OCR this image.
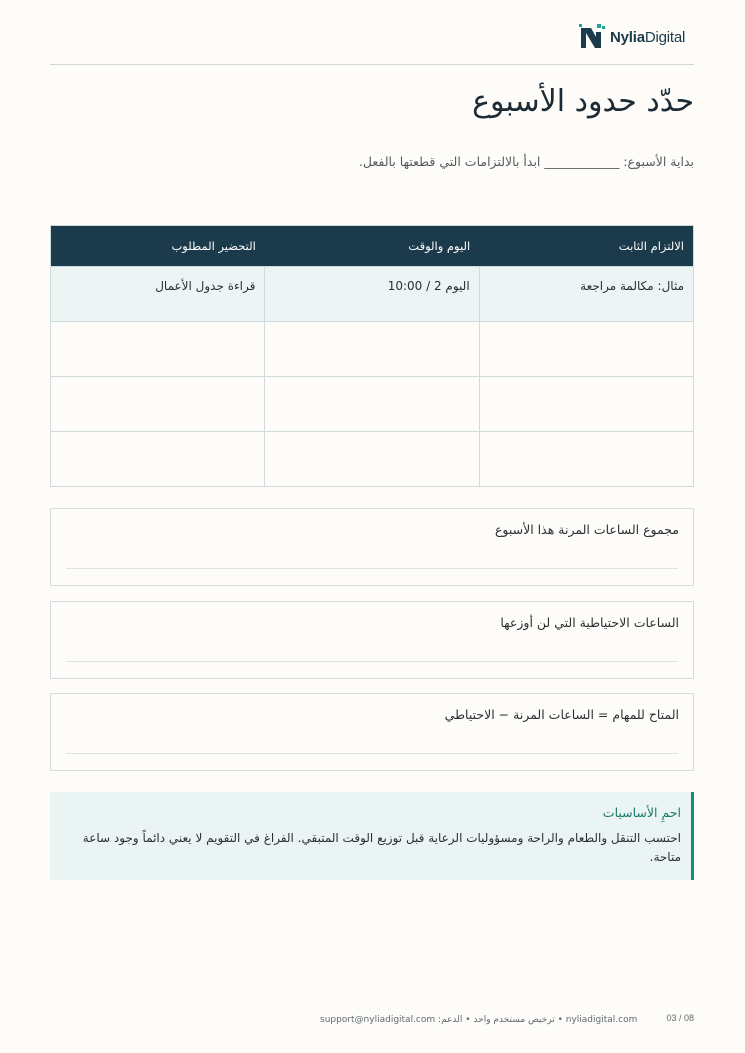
NyliaDigital
حدّد حدود الأسبوع

بداية الأسبوع: ____________ ابدأ بالالتزامات التي قطعتها بالفعل.

الالتزام الثابت	اليوم والوقت	التحضير المطلوب
مثال: مكالمة مراجعة	اليوم 2 / 10:00	قراءة جدول الأعمال

مجموع الساعات المرنة هذا الأسبوع
الساعات الاحتياطية التي لن أوزعها
المتاح للمهام = الساعات المرنة − الاحتياطي
احمِ الأساسيات
احتسب التنقل والطعام والراحة ومسؤوليات الرعاية قبل توزيع الوقت المتبقي. الفراغ في التقويم لا يعني دائماً وجود ساعة متاحة.
support@nyliadigital.com :ترخيص مستخدم واحد • الدعم • nyliadigital.com	03 / 08
